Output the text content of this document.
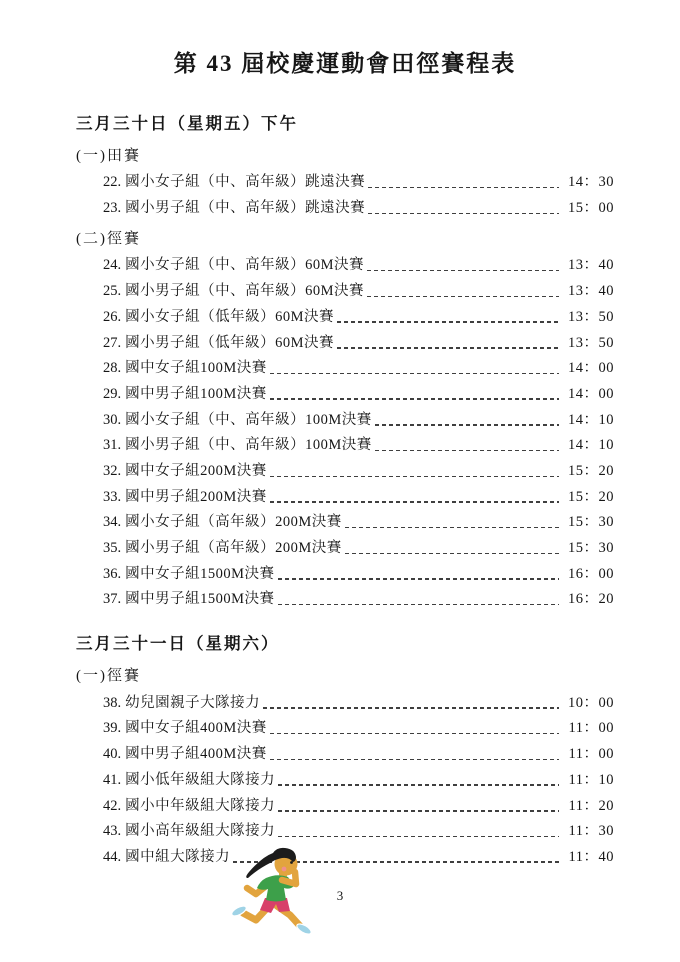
第 43 屆校慶運動會田徑賽程表
三月三十日（星期五）下午
(一)田賽
22. 國小女子組（中、高年級）跳遠決賽	14：30
23. 國小男子組（中、高年級）跳遠決賽	15：00
(二)徑賽
24. 國小女子組（中、高年級）60M決賽	13：40
25. 國小男子組（中、高年級）60M決賽	13：40
26. 國小女子組（低年級）60M決賽	13：50
27. 國小男子組（低年級）60M決賽	13：50
28. 國中女子組100M決賽	14：00
29. 國中男子組100M決賽	14：00
30. 國小女子組（中、高年級）100M決賽	14：10
31. 國小男子組（中、高年級）100M決賽	14：10
32. 國中女子組200M決賽	15：20
33. 國中男子組200M決賽	15：20
34. 國小女子組（高年級）200M決賽	15：30
35. 國小男子組（高年級）200M決賽	15：30
36. 國中女子組1500M決賽	16：00
37. 國中男子組1500M決賽	16：20
三月三十一日（星期六）
(一)徑賽
38. 幼兒園親子大隊接力	10：00
39. 國中女子組400M決賽	11：00
40. 國中男子組400M決賽	11：00
41. 國小低年級組大隊接力	11：10
42. 國小中年級組大隊接力	11：20
43. 國小高年級組大隊接力	11：30
44. 國中組大隊接力	11：40
3
